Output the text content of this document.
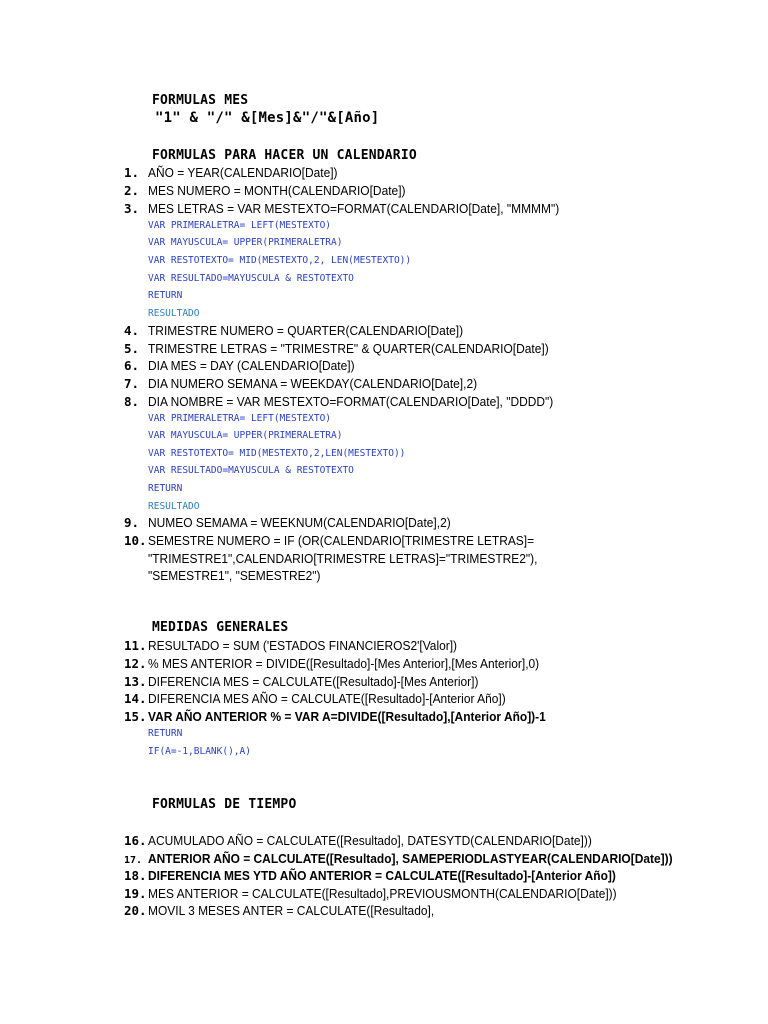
FORMULAS MES
"1" & "/" &[Mes]&"/"&[Año]
FORMULAS PARA HACER UN CALENDARIO
1. AÑO = YEAR(CALENDARIO[Date])
2. MES NUMERO = MONTH(CALENDARIO[Date])
3. MES LETRAS = VAR MESTEXTO=FORMAT(CALENDARIO[Date], "MMMM")
VAR PRIMERALETRA= LEFT(MESTEXTO)
VAR MAYUSCULA= UPPER(PRIMERALETRA)
VAR RESTOTEXTO= MID(MESTEXTO,2, LEN(MESTEXTO))
VAR RESULTADO=MAYUSCULA & RESTOTEXTO
RETURN
RESULTADO
4. TRIMESTRE NUMERO = QUARTER(CALENDARIO[Date])
5. TRIMESTRE LETRAS = "TRIMESTRE" & QUARTER(CALENDARIO[Date])
6. DIA MES = DAY (CALENDARIO[Date])
7. DIA NUMERO SEMANA = WEEKDAY(CALENDARIO[Date],2)
8. DIA NOMBRE = VAR MESTEXTO=FORMAT(CALENDARIO[Date], "DDDD")
VAR PRIMERALETRA= LEFT(MESTEXTO)
VAR MAYUSCULA= UPPER(PRIMERALETRA)
VAR RESTOTEXTO= MID(MESTEXTO,2,LEN(MESTEXTO))
VAR RESULTADO=MAYUSCULA & RESTOTEXTO
RETURN
RESULTADO
9. NUMEO SEMAMA = WEEKNUM(CALENDARIO[Date],2)
10. SEMESTRE NUMERO = IF (OR(CALENDARIO[TRIMESTRE LETRAS]= "TRIMESTRE1",CALENDARIO[TRIMESTRE LETRAS]="TRIMESTRE2"), "SEMESTRE1", "SEMESTRE2")
MEDIDAS GENERALES
11. RESULTADO = SUM ('ESTADOS FINANCIEROS2'[Valor])
12. % MES ANTERIOR = DIVIDE([Resultado]-[Mes Anterior],[Mes Anterior],0)
13. DIFERENCIA MES = CALCULATE([Resultado]-[Mes Anterior])
14. DIFERENCIA MES AÑO = CALCULATE([Resultado]-[Anterior Año])
15. VAR AÑO ANTERIOR % = VAR A=DIVIDE([Resultado],[Anterior Año])-1
RETURN
IF(A=-1,BLANK(),A)
FORMULAS DE TIEMPO
16. ACUMULADO AÑO = CALCULATE([Resultado], DATESYTD(CALENDARIO[Date]))
17. ANTERIOR AÑO = CALCULATE([Resultado], SAMEPERIODLASTYEAR(CALENDARIO[Date]))
18. DIFERENCIA MES YTD AÑO ANTERIOR = CALCULATE([Resultado]-[Anterior Año])
19. MES ANTERIOR = CALCULATE([Resultado],PREVIOUSMONTH(CALENDARIO[Date]))
20. MOVIL 3 MESES ANTER = CALCULATE([Resultado],
